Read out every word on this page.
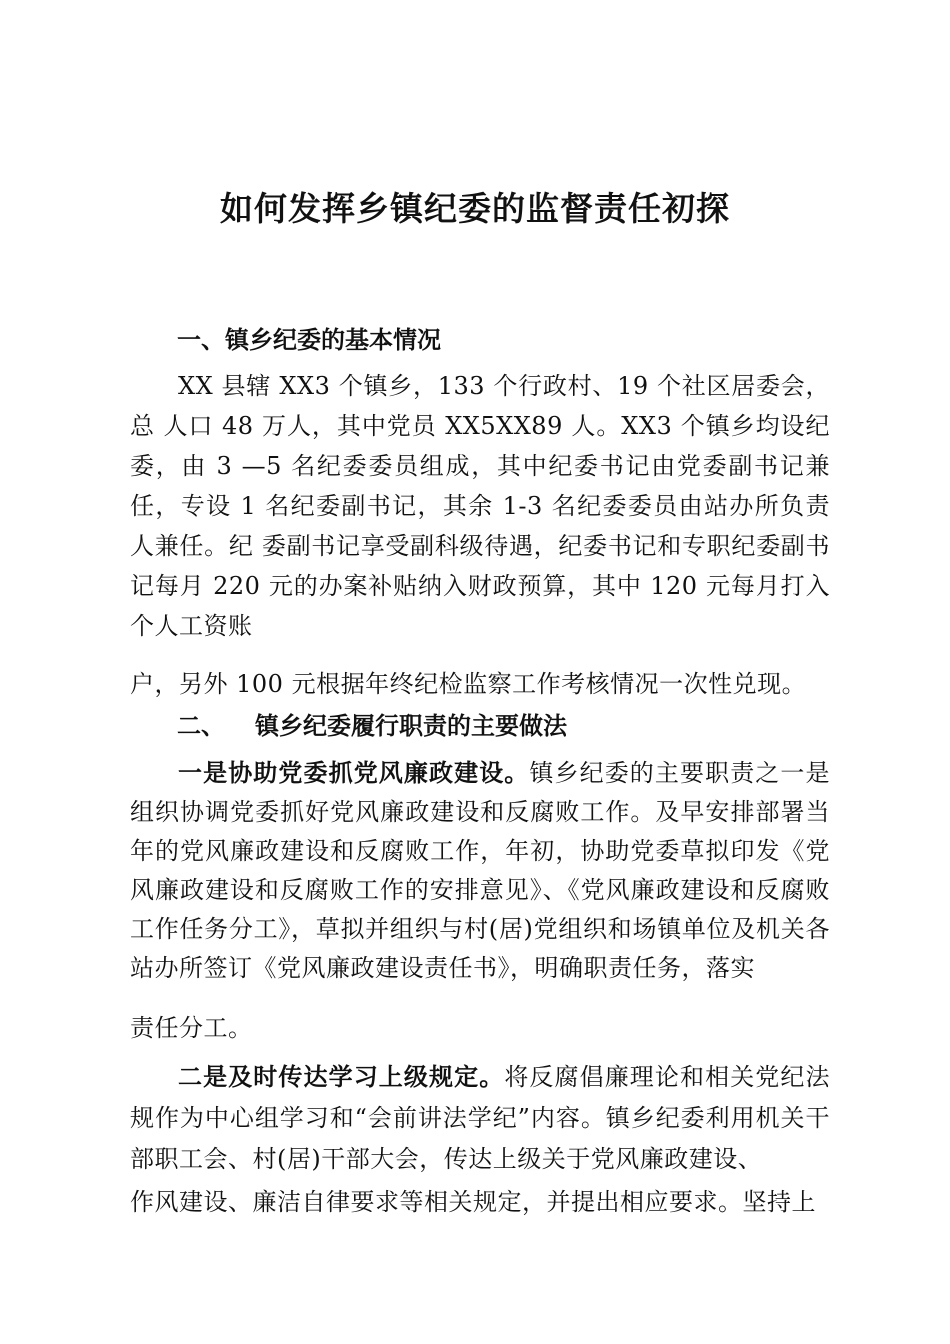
如何发挥乡镇纪委的监督责任初探
一、镇乡纪委的基本情况

XX 县辖 XX3 个镇乡，133 个行政村、19 个社区居委会，总 人口 48 万人，其中党员 XX5XX89 人。XX3 个镇乡均设纪委，由 3 —5 名纪委委员组成，其中纪委书记由党委副书记兼任，专设 1 名纪委副书记，其余 1-3 名纪委委员由站办所负责人兼任。纪 委副书记享受副科级待遇，纪委书记和专职纪委副书记每月 220 元的办案补贴纳入财政预算，其中 120 元每月打入个人工资账

户，另外 100 元根据年终纪检监察工作考核情况一次性兑现。

二、 镇乡纪委履行职责的主要做法

一是协助党委抓党风廉政建设。镇乡纪委的主要职责之一是组织协调党委抓好党风廉政建设和反腐败工作。及早安排部署当年的党风廉政建设和反腐败工作，年初，协助党委草拟印发《党风廉政建设和反腐败工作的安排意见》、《党风廉政建设和反腐败工作任务分工》，草拟并组织与村(居)党组织和场镇单位及机关各站办所签订《党风廉政建设责任书》，明确职责任务，落实

责任分工。

二是及时传达学习上级规定。将反腐倡廉理论和相关党纪法规作为中心组学习和“会前讲法学纪”内容。镇乡纪委利用机关干部职工会、村(居)干部大会，传达上级关于党风廉政建设、

作风建设、廉洁自律要求等相关规定，并提出相应要求。坚持上
